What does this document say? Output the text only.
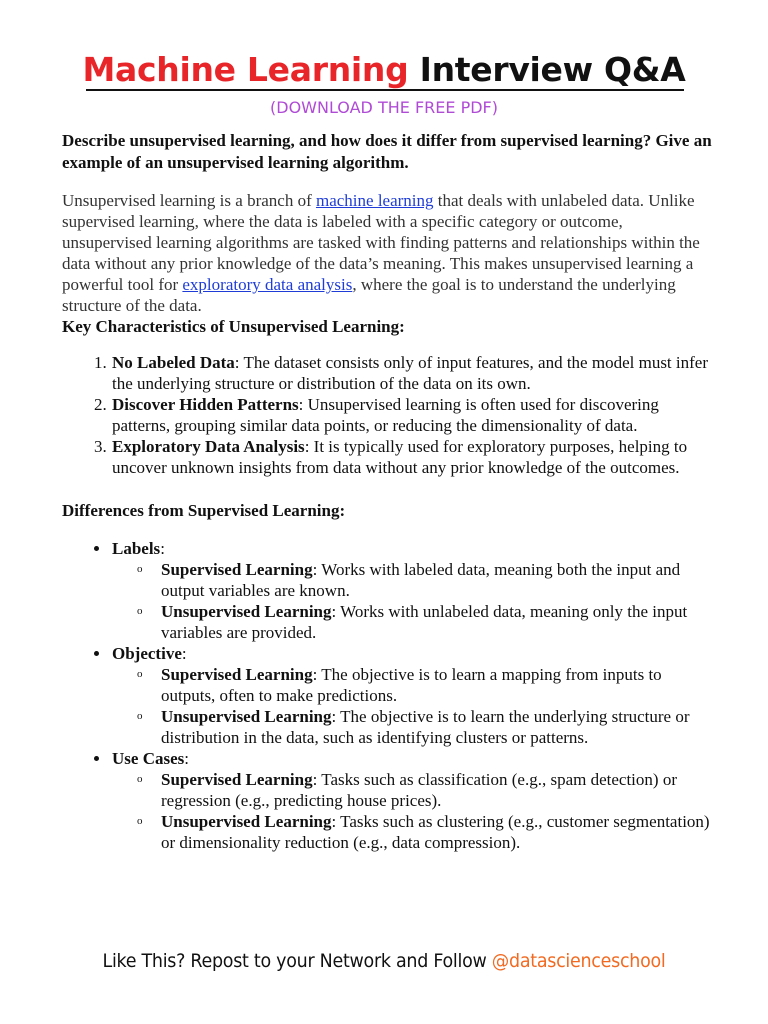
Machine Learning Interview Q&A
(DOWNLOAD THE FREE PDF)

Describe unsupervised learning, and how does it differ from supervised learning? Give an example of an unsupervised learning algorithm.

Unsupervised learning is a branch of machine learning that deals with unlabeled data. Unlike supervised learning, where the data is labeled with a specific category or outcome, unsupervised learning algorithms are tasked with finding patterns and relationships within the data without any prior knowledge of the data’s meaning. This makes unsupervised learning a powerful tool for exploratory data analysis, where the goal is to understand the underlying structure of the data.

Key Characteristics of Unsupervised Learning:

1. No Labeled Data: The dataset consists only of input features, and the model must infer the underlying structure or distribution of the data on its own.
2. Discover Hidden Patterns: Unsupervised learning is often used for discovering patterns, grouping similar data points, or reducing the dimensionality of data.
3. Exploratory Data Analysis: It is typically used for exploratory purposes, helping to uncover unknown insights from data without any prior knowledge of the outcomes.

Differences from Supervised Learning:

• Labels:
o Supervised Learning: Works with labeled data, meaning both the input and output variables are known.
o Unsupervised Learning: Works with unlabeled data, meaning only the input variables are provided.
• Objective:
o Supervised Learning: The objective is to learn a mapping from inputs to outputs, often to make predictions.
o Unsupervised Learning: The objective is to learn the underlying structure or distribution in the data, such as identifying clusters or patterns.
• Use Cases:
o Supervised Learning: Tasks such as classification (e.g., spam detection) or regression (e.g., predicting house prices).
o Unsupervised Learning: Tasks such as clustering (e.g., customer segmentation) or dimensionality reduction (e.g., data compression).
Like This? Repost to your Network and Follow @datascienceschool
